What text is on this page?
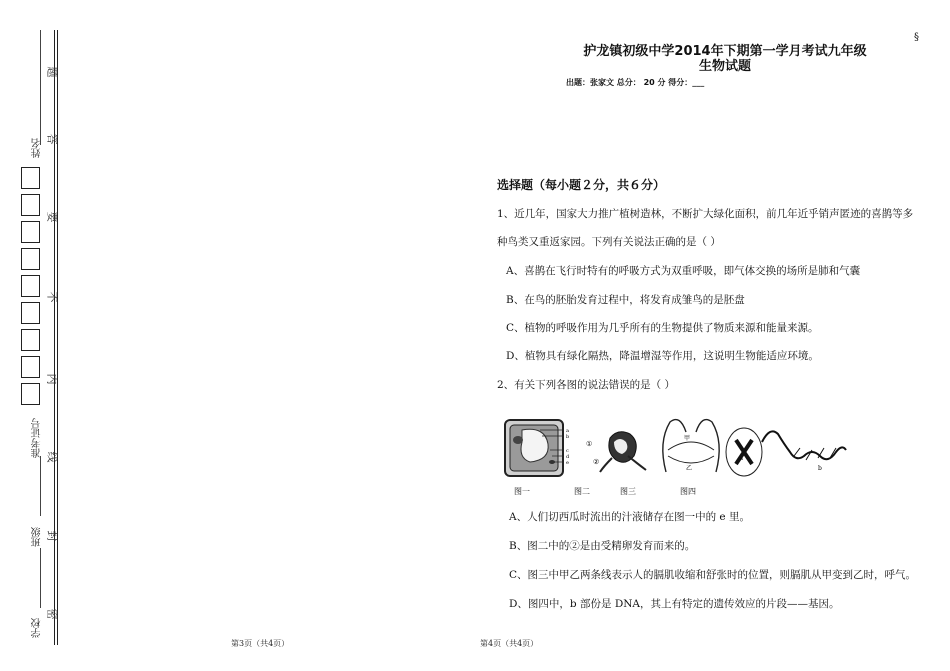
姓名
准考证号
班级
学校
题
答
要
不
内
线
封
密
§
护龙镇初级中学2014年下期第一学月考试九年级
生物试题
出题：张家文 总分： 20 分 得分：___
选择题（每小题２分，共６分）
1、近几年，国家大力推广植树造林，不断扩大绿化面积，前几年近乎销声匿迹的喜鹊等多
种鸟类又重返家园。下列有关说法正确的是（ ）
A、喜鹊在飞行时特有的呼吸方式为双重呼吸，即气体交换的场所是肺和气囊
B、在鸟的胚胎发育过程中，将发育成雏鸟的是胚盘
C、植物的呼吸作用为几乎所有的生物提供了物质来源和能量来源。
D、植物具有绿化隔热，降温增湿等作用，这说明生物能适应环境。
2、有关下列各图的说法错误的是（ ）
a
b
c
d
e
①
②
甲
乙
a
b
图一	图二	图三	图四
A、人们切西瓜时流出的汁液储存在图一中的 e 里。
B、图二中的②是由受精卵发育而来的。
C、图三中甲乙两条线表示人的膈肌收缩和舒张时的位置，则膈肌从甲变到乙时，呼气。
D、图四中，b 部份是 DNA，其上有特定的遗传效应的片段——基因。
第3页（共4页）	第4页（共4页）
